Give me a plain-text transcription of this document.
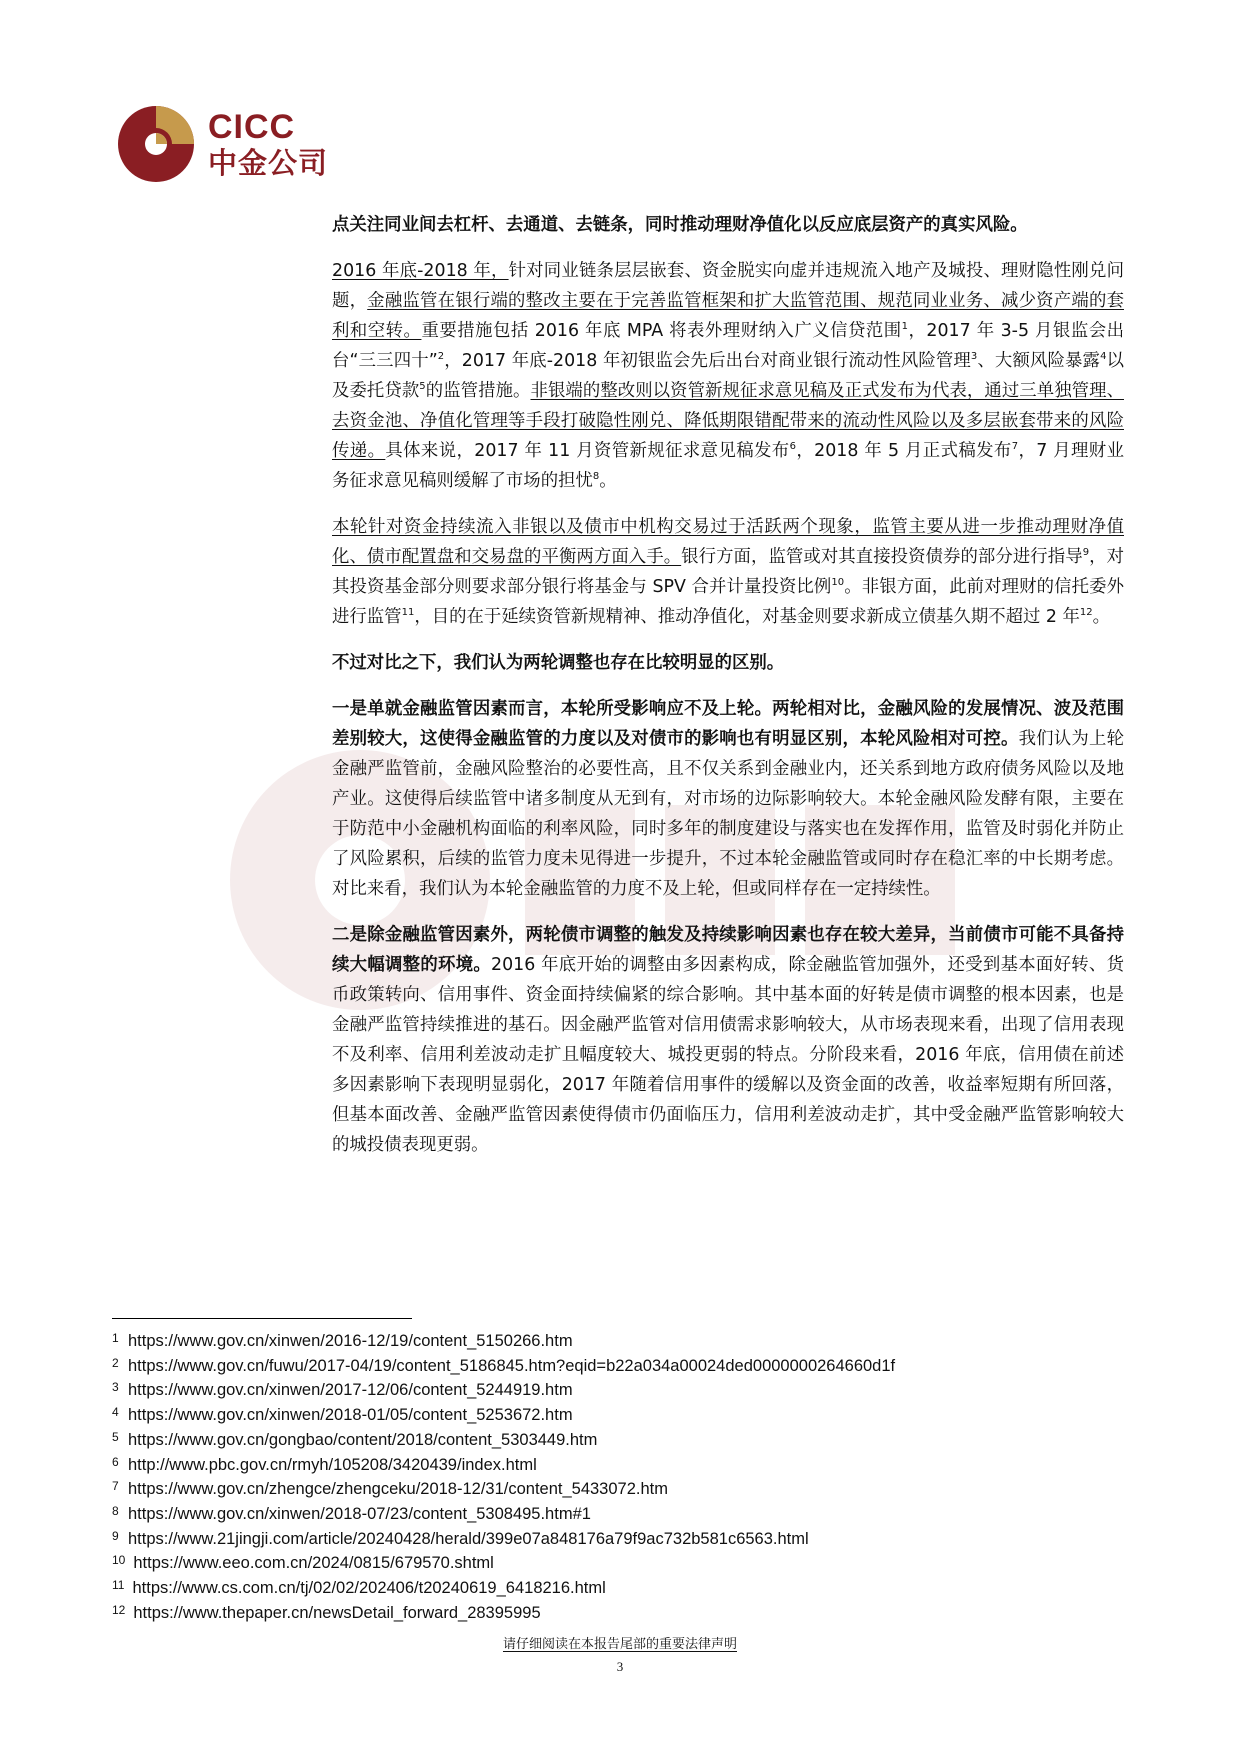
CICC
中金公司

点关注同业间去杠杆、去通道、去链条，同时推动理财净值化以反应底层资产的真实风险。

2016 年底-2018 年，针对同业链条层层嵌套、资金脱实向虚并违规流入地产及城投、理财隐性刚兑问题，金融监管在银行端的整改主要在于完善监管框架和扩大监管范围、规范同业业务、减少资产端的套利和空转。重要措施包括 2016 年底 MPA 将表外理财纳入广义信贷范围$^1$，2017 年 3-5 月银监会出台“三三四十”$^2$，2017 年底-2018 年初银监会先后出台对商业银行流动性风险管理$^3$、大额风险暴露$^4$以及委托贷款$^5$的监管措施。非银端的整改则以资管新规征求意见稿及正式发布为代表，通过三单独管理、去资金池、净值化管理等手段打破隐性刚兑、降低期限错配带来的流动性风险以及多层嵌套带来的风险传递。具体来说，2017 年 11 月资管新规征求意见稿发布$^6$，2018 年 5 月正式稿发布$^7$，7 月理财业务征求意见稿则缓解了市场的担忧$^8$。

本轮针对资金持续流入非银以及债市中机构交易过于活跃两个现象，监管主要从进一步推动理财净值化、债市配置盘和交易盘的平衡两方面入手。银行方面，监管或对其直接投资债券的部分进行指导$^9$，对其投资基金部分则要求部分银行将基金与 SPV 合并计量投资比例$^{10}$。非银方面，此前对理财的信托委外进行监管$^{11}$，目的在于延续资管新规精神、推动净值化，对基金则要求新成立债基久期不超过 2 年$^{12}$。

不过对比之下，我们认为两轮调整也存在比较明显的区别。

一是单就金融监管因素而言，本轮所受影响应不及上轮。两轮相对比，金融风险的发展情况、波及范围差别较大，这使得金融监管的力度以及对债市的影响也有明显区别，本轮风险相对可控。我们认为上轮金融严监管前，金融风险整治的必要性高，且不仅关系到金融业内，还关系到地方政府债务风险以及地产业。这使得后续监管中诸多制度从无到有，对市场的边际影响较大。本轮金融风险发酵有限，主要在于防范中小金融机构面临的利率风险，同时多年的制度建设与落实也在发挥作用，监管及时弱化并防止了风险累积，后续的监管力度未见得进一步提升，不过本轮金融监管或同时存在稳汇率的中长期考虑。对比来看，我们认为本轮金融监管的力度不及上轮，但或同样存在一定持续性。

二是除金融监管因素外，两轮债市调整的触发及持续影响因素也存在较大差异，当前债市可能不具备持续大幅调整的环境。2016 年底开始的调整由多因素构成，除金融监管加强外，还受到基本面好转、货币政策转向、信用事件、资金面持续偏紧的综合影响。其中基本面的好转是债市调整的根本因素，也是金融严监管持续推进的基石。因金融严监管对信用债需求影响较大，从市场表现来看，出现了信用表现不及利率、信用利差波动走扩且幅度较大、城投更弱的特点。分阶段来看，2016 年底，信用债在前述多因素影响下表现明显弱化，2017 年随着信用事件的缓解以及资金面的改善，收益率短期有所回落，但基本面改善、金融严监管因素使得债市仍面临压力，信用利差波动走扩，其中受金融严监管影响较大的城投债表现更弱。

1 https://www.gov.cn/xinwen/2016-12/19/content_5150266.htm
2 https://www.gov.cn/fuwu/2017-04/19/content_5186845.htm?eqid=b22a034a00024ded0000000264660d1f
3 https://www.gov.cn/xinwen/2017-12/06/content_5244919.htm
4 https://www.gov.cn/xinwen/2018-01/05/content_5253672.htm
5 https://www.gov.cn/gongbao/content/2018/content_5303449.htm
6 http://www.pbc.gov.cn/rmyh/105208/3420439/index.html
7 https://www.gov.cn/zhengce/zhengceku/2018-12/31/content_5433072.htm
8 https://www.gov.cn/xinwen/2018-07/23/content_5308495.htm#1
9 https://www.21jingji.com/article/20240428/herald/399e07a848176a79f9ac732b581c6563.html
10 https://www.eeo.com.cn/2024/0815/679570.shtml
11 https://www.cs.com.cn/tj/02/02/202406/t20240619_6418216.html
12 https://www.thepaper.cn/newsDetail_forward_28395995
请仔细阅读在本报告尾部的重要法律声明
3
